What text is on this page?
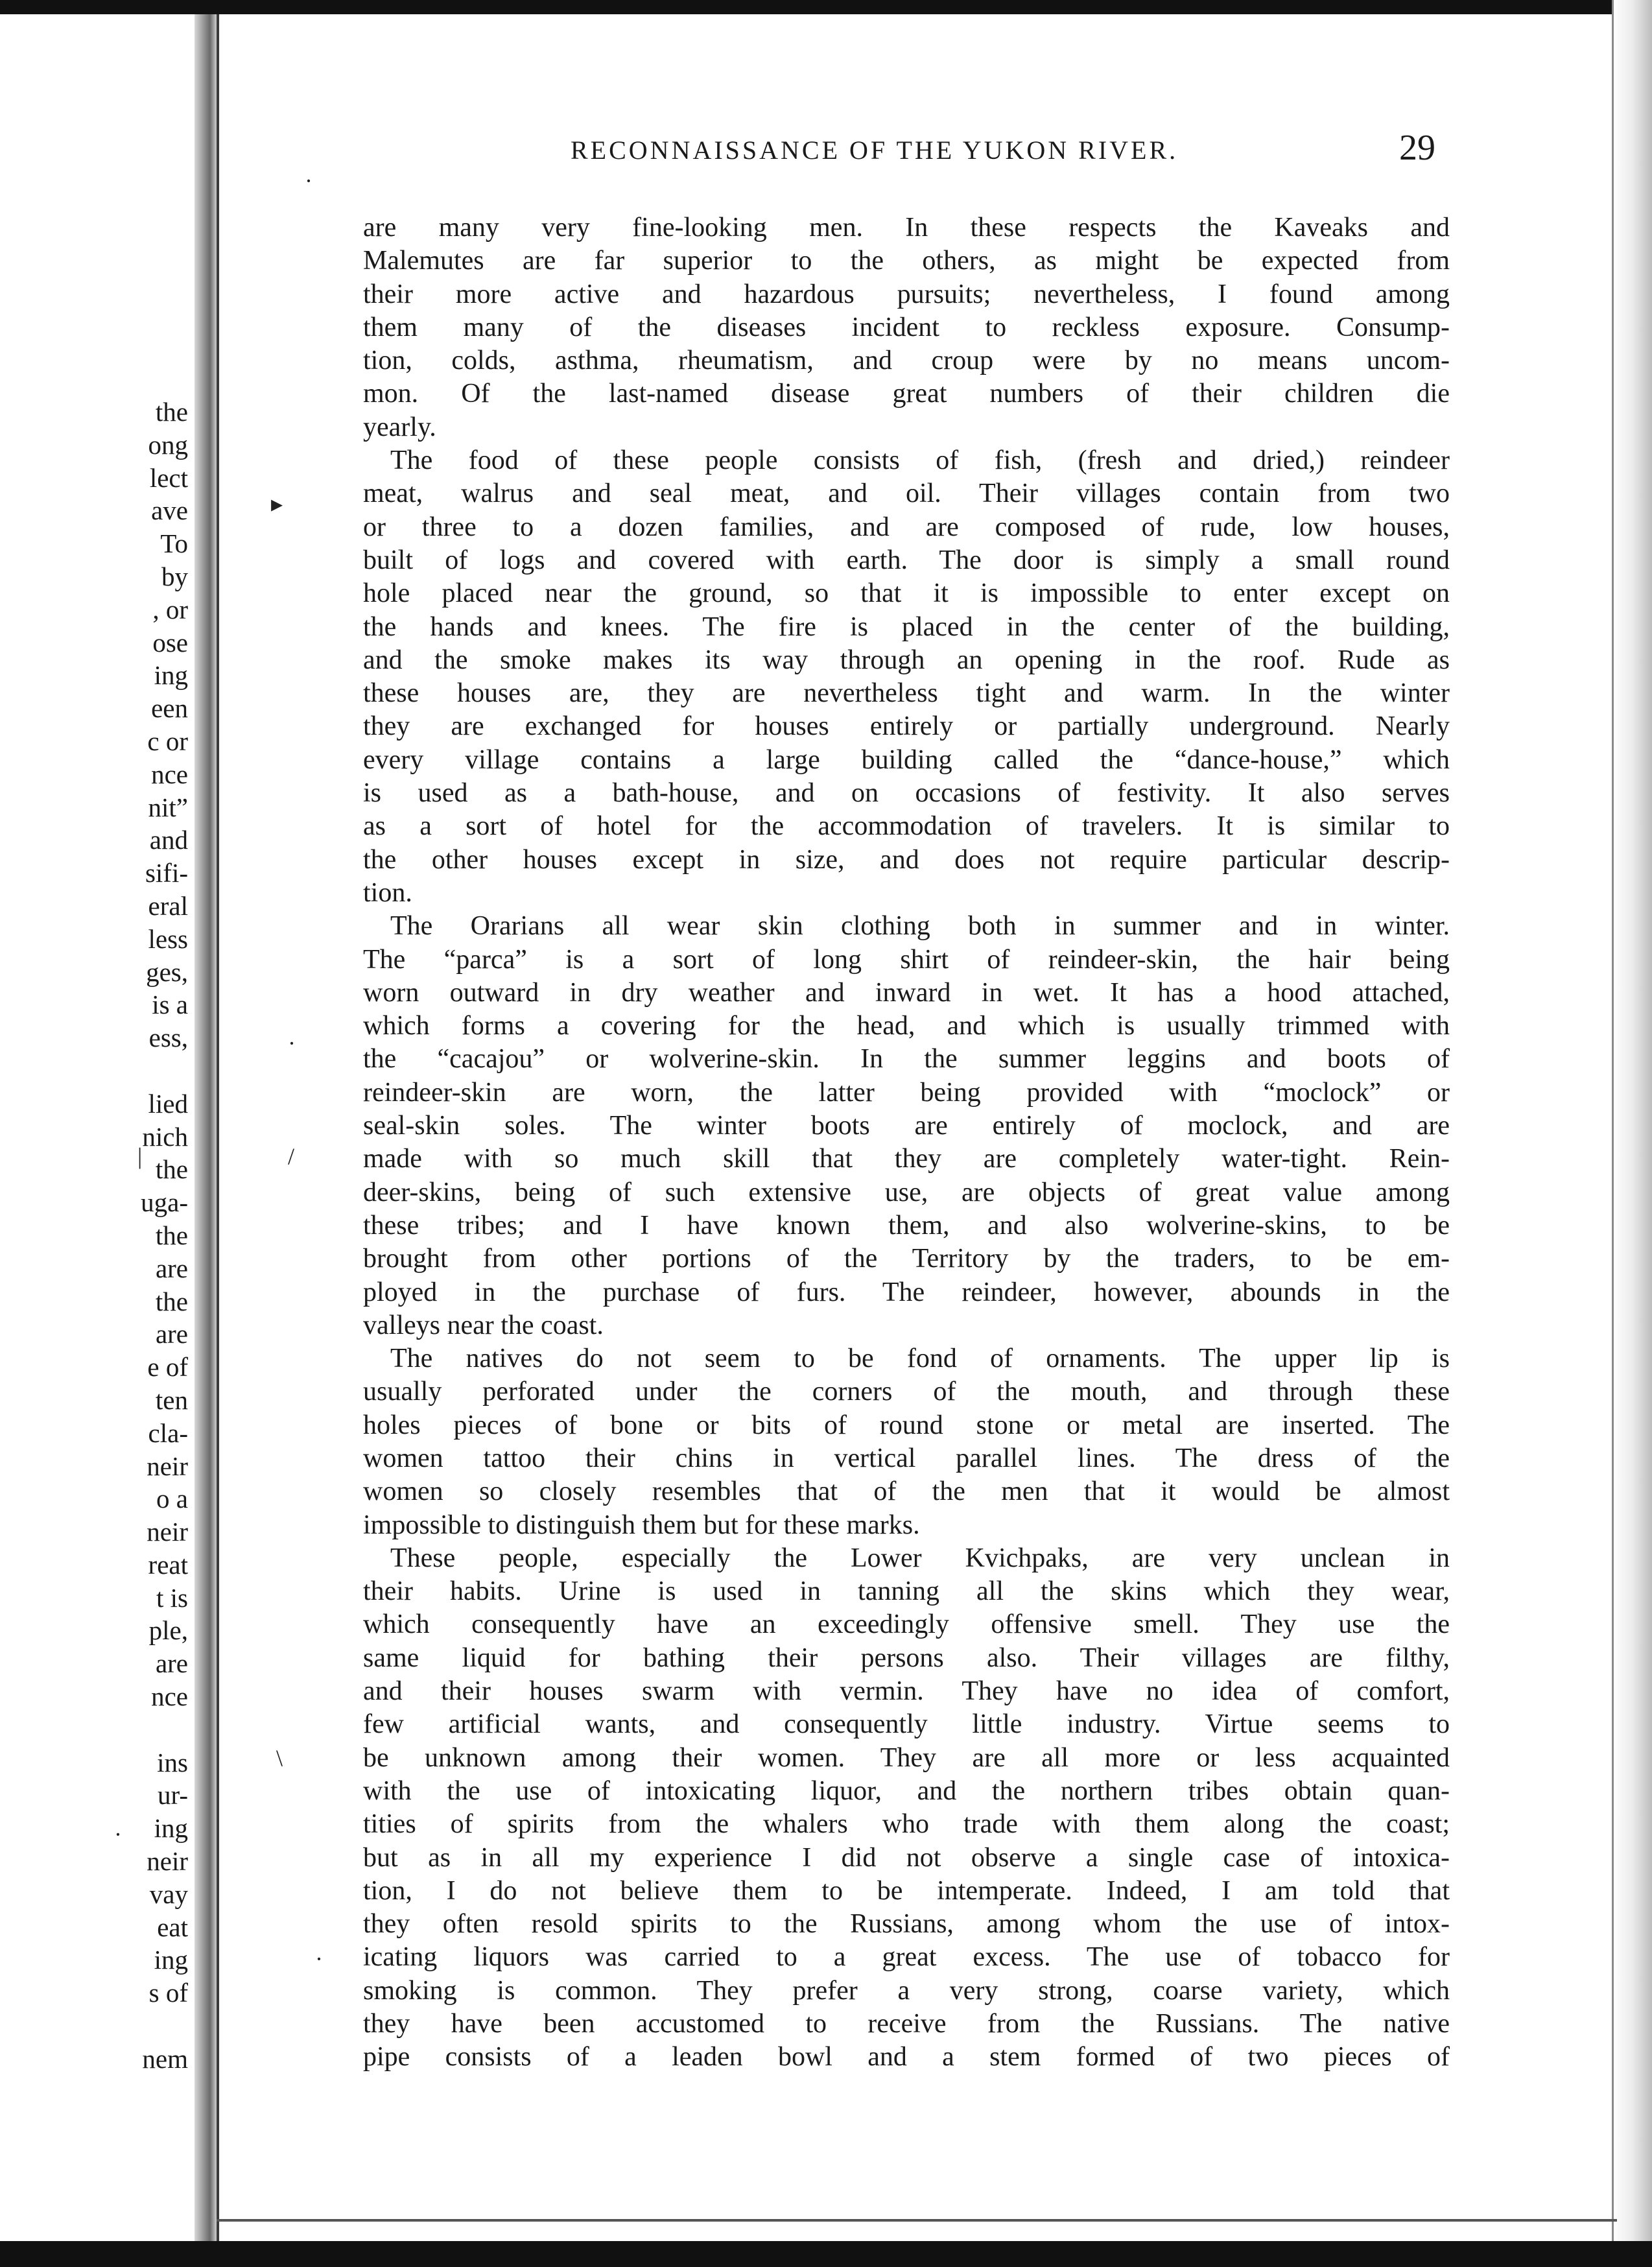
the
ong
lect
ave
To
by
, or
ose
ing
een
c or
nce
nit”
and
sifi-
eral
less
ges,
is a
ess,
lied
nich
the
uga-
the
are
the
are
e of
ten
cla-
neir
o a
neir
reat
t is
ple,
are
nce
ins
ur-
ing
neir
vay
eat
ing
s of
nem
RECONNAISSANCE OF THE YUKON RIVER.	29
are many very fine-looking men. In these respects the Kaveaks and
Malemutes are far superior to the others, as might be expected from
their more active and hazardous pursuits; nevertheless, I found among
them many of the diseases incident to reckless exposure. Consump-
tion, colds, asthma, rheumatism, and croup were by no means uncom-
mon. Of the last-named disease great numbers of their children die
yearly.
 The food of these people consists of fish, (fresh and dried,) reindeer
meat, walrus and seal meat, and oil. Their villages contain from two
or three to a dozen families, and are composed of rude, low houses,
built of logs and covered with earth. The door is simply a small round
hole placed near the ground, so that it is impossible to enter except on
the hands and knees. The fire is placed in the center of the building,
and the smoke makes its way through an opening in the roof. Rude as
these houses are, they are nevertheless tight and warm. In the winter
they are exchanged for houses entirely or partially underground. Nearly
every village contains a large building called the “dance-house,” which
is used as a bath-house, and on occasions of festivity. It also serves
as a sort of hotel for the accommodation of travelers. It is similar to
the other houses except in size, and does not require particular descrip-
tion.
 The Orarians all wear skin clothing both in summer and in winter.
The “parca” is a sort of long shirt of reindeer-skin, the hair being
worn outward in dry weather and inward in wet. It has a hood attached,
which forms a covering for the head, and which is usually trimmed with
the “cacajou” or wolverine-skin. In the summer leggins and boots of
reindeer-skin are worn, the latter being provided with “moclock” or
seal-skin soles. The winter boots are entirely of moclock, and are
made with so much skill that they are completely water-tight. Rein-
deer-skins, being of such extensive use, are objects of great value among
these tribes; and I have known them, and also wolverine-skins, to be
brought from other portions of the Territory by the traders, to be em-
ployed in the purchase of furs. The reindeer, however, abounds in the
valleys near the coast.
 The natives do not seem to be fond of ornaments. The upper lip is
usually perforated under the corners of the mouth, and through these
holes pieces of bone or bits of round stone or metal are inserted. The
women tattoo their chins in vertical parallel lines. The dress of the
women so closely resembles that of the men that it would be almost
impossible to distinguish them but for these marks.
 These people, especially the Lower Kvichpaks, are very unclean in
their habits. Urine is used in tanning all the skins which they wear,
which consequently have an exceedingly offensive smell. They use the
same liquid for bathing their persons also. Their villages are filthy,
and their houses swarm with vermin. They have no idea of comfort,
few artificial wants, and consequently little industry. Virtue seems to
be unknown among their women. They are all more or less acquainted
with the use of intoxicating liquor, and the northern tribes obtain quan-
tities of spirits from the whalers who trade with them along the coast;
but as in all my experience I did not observe a single case of intoxica-
tion, I do not believe them to be intemperate. Indeed, I am told that
they often resold spirits to the Russians, among whom the use of intox-
icating liquors was carried to a great excess. The use of tobacco for
smoking is common. They prefer a very strong, coarse variety, which
they have been accustomed to receive from the Russians. The native
pipe consists of a leaden bowl and a stem formed of two pieces of
·
▸
·
/
|
\
·
·
